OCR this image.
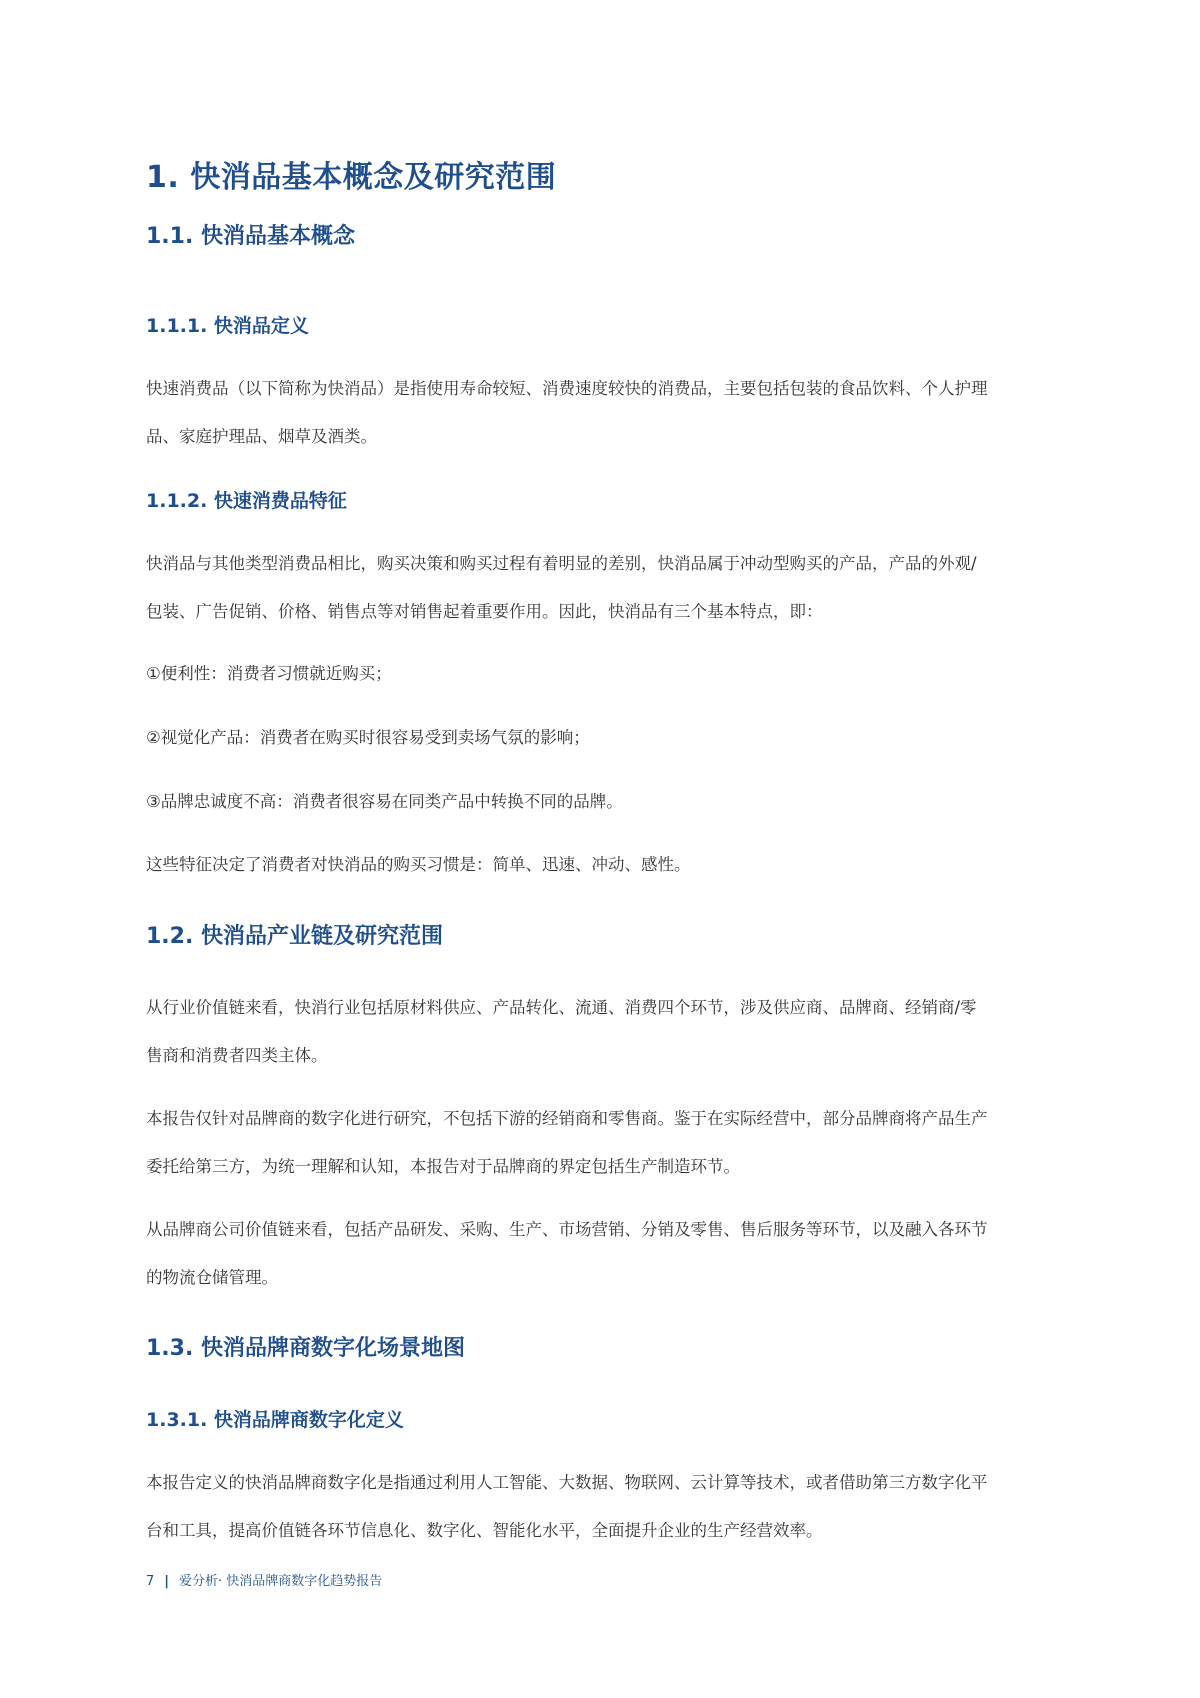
1. 快消品基本概念及研究范围
1.1. 快消品基本概念
1.1.1. 快消品定义
快速消费品（以下简称为快消品）是指使用寿命较短、消费速度较快的消费品，主要包括包装的食品饮料、个人护理
品、家庭护理品、烟草及酒类。
1.1.2. 快速消费品特征
快消品与其他类型消费品相比，购买决策和购买过程有着明显的差别，快消品属于冲动型购买的产品，产品的外观/
包装、广告促销、价格、销售点等对销售起着重要作用。因此，快消品有三个基本特点，即：
①便利性：消费者习惯就近购买；
②视觉化产品：消费者在购买时很容易受到卖场气氛的影响；
③品牌忠诚度不高：消费者很容易在同类产品中转换不同的品牌。
这些特征决定了消费者对快消品的购买习惯是：简单、迅速、冲动、感性。
1.2. 快消品产业链及研究范围
从行业价值链来看，快消行业包括原材料供应、产品转化、流通、消费四个环节，涉及供应商、品牌商、经销商/零
售商和消费者四类主体。
本报告仅针对品牌商的数字化进行研究，不包括下游的经销商和零售商。鉴于在实际经营中，部分品牌商将产品生产
委托给第三方，为统一理解和认知，本报告对于品牌商的界定包括生产制造环节。
从品牌商公司价值链来看，包括产品研发、采购、生产、市场营销、分销及零售、售后服务等环节，以及融入各环节
的物流仓储管理。
1.3. 快消品牌商数字化场景地图
1.3.1. 快消品牌商数字化定义
本报告定义的快消品牌商数字化是指通过利用人工智能、大数据、物联网、云计算等技术，或者借助第三方数字化平
台和工具，提高价值链各环节信息化、数字化、智能化水平，全面提升企业的生产经营效率。
7 | 爱分析· 快消品牌商数字化趋势报告
